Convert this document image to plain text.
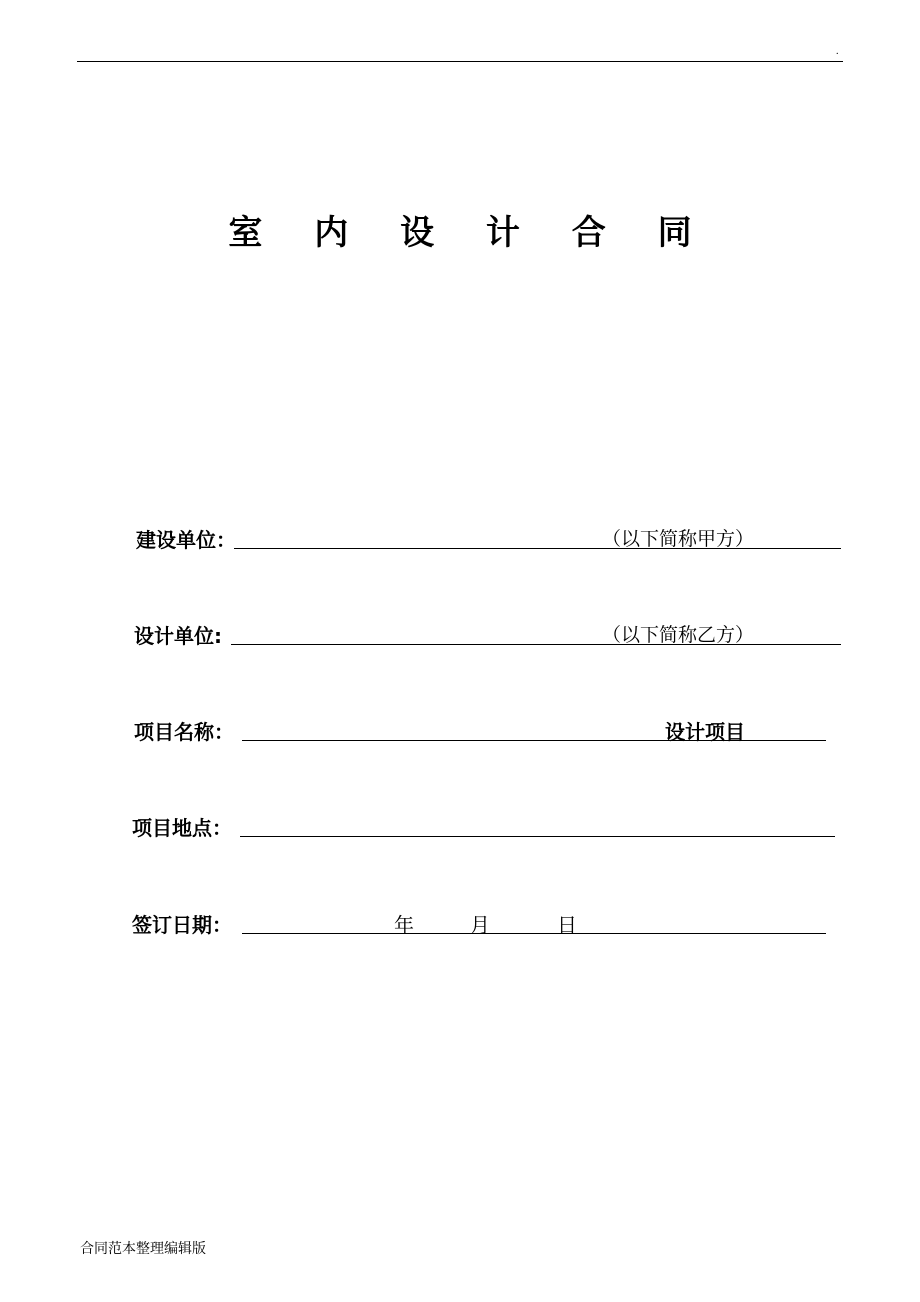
.
室 内 设 计 合 同
建设单位：	（以下简称甲方）
设计单位:	（以下简称乙方）
项目名称：	设计项目
项目地点：
签订日期：	年	月	日
合同范本整理编辑版
